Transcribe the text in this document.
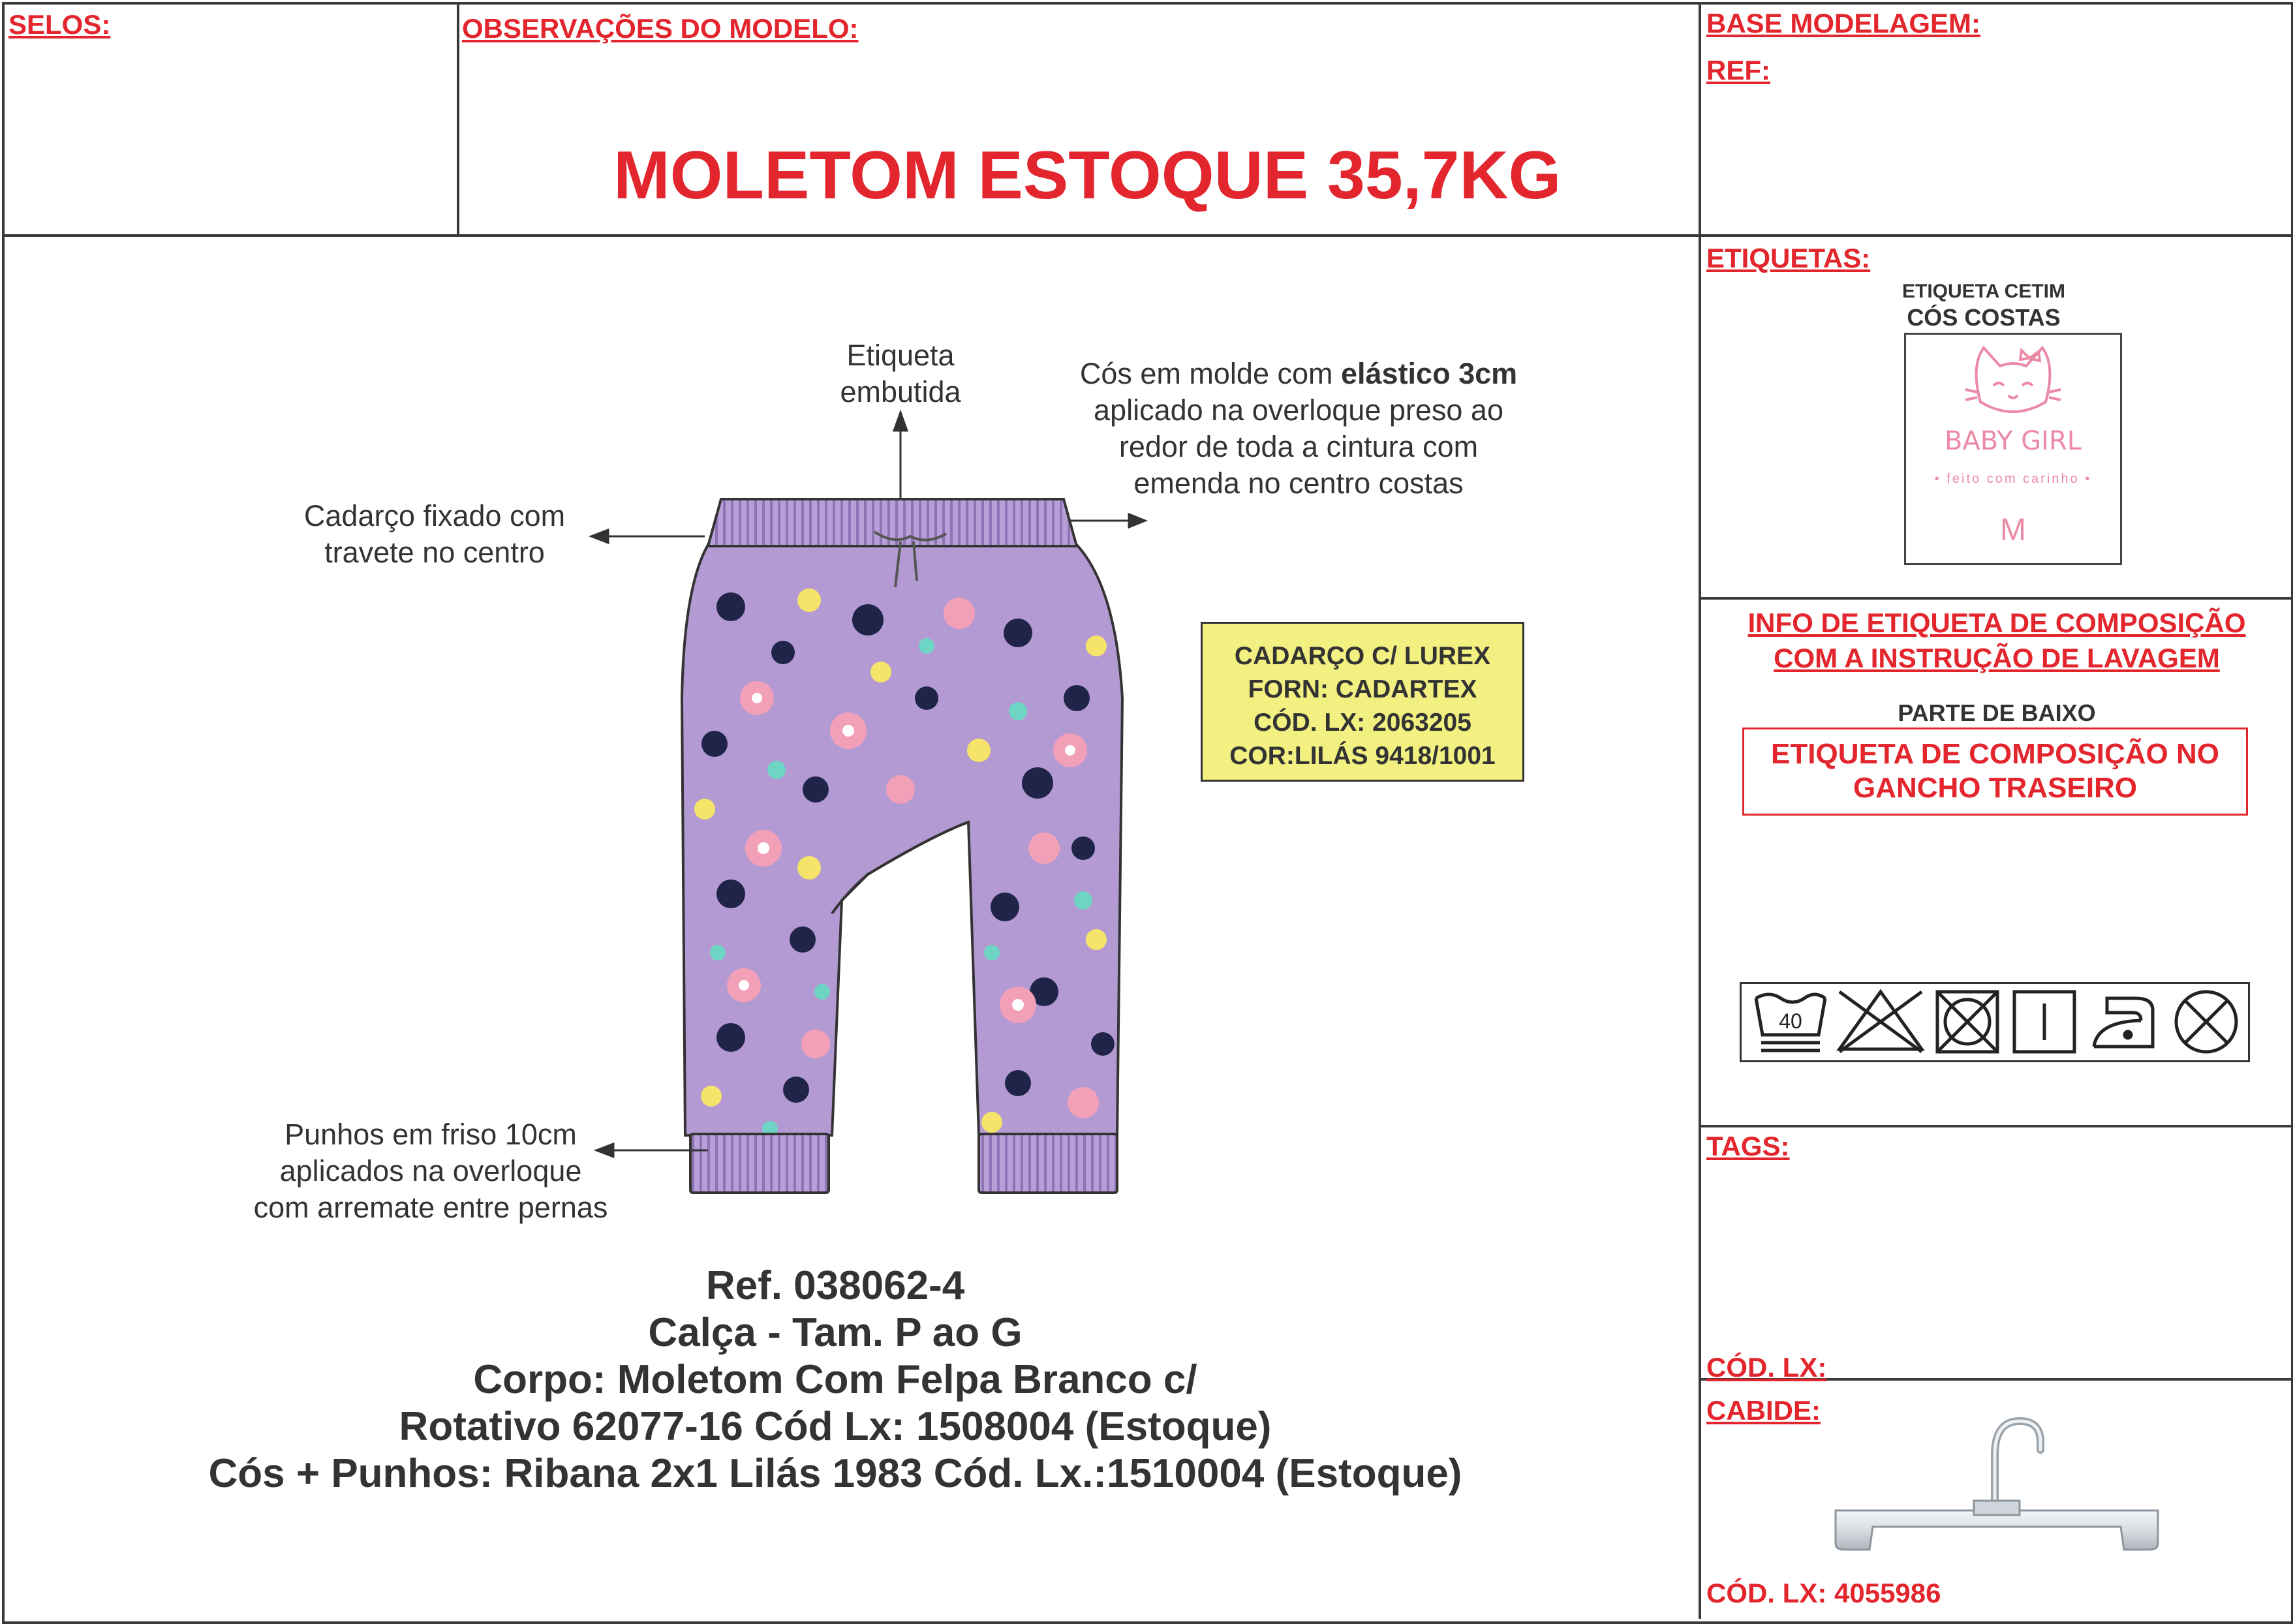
SELOS:	OBSERVAÇÕES DO MODELO:
MOLETOM ESTOQUE 35,7KG
BASE MODELAGEM:
REF:
Etiqueta
embutida
Cós em molde com elástico 3cm
aplicado na overloque preso ao
redor de toda a cintura com
emenda no centro costas
Cadarço fixado com
travete no centro
Punhos em friso 10cm
aplicados na overloque
com arremate entre pernas
CADARÇO C/ LUREX
FORN: CADARTEX
CÓD. LX: 2063205
COR:LILÁS 9418/1001
Ref. 038062-4
Calça - Tam. P ao G
Corpo: Moletom Com Felpa Branco c/
Rotativo 62077-16 Cód Lx: 1508004 (Estoque)
Cós + Punhos: Ribana 2x1 Lilás 1983 Cód. Lx.:1510004 (Estoque)
ETIQUETAS:
ETIQUETA CETIM
CÓS COSTAS
BABY GIRL
• feito com carinho •
M
INFO DE ETIQUETA DE COMPOSIÇÃO
COM A INSTRUÇÃO DE LAVAGEM
PARTE DE BAIXO
ETIQUETA DE COMPOSIÇÃO NO
GANCHO TRASEIRO
40
TAGS:
CÓD. LX:
CABIDE:
CÓD. LX: 4055986
